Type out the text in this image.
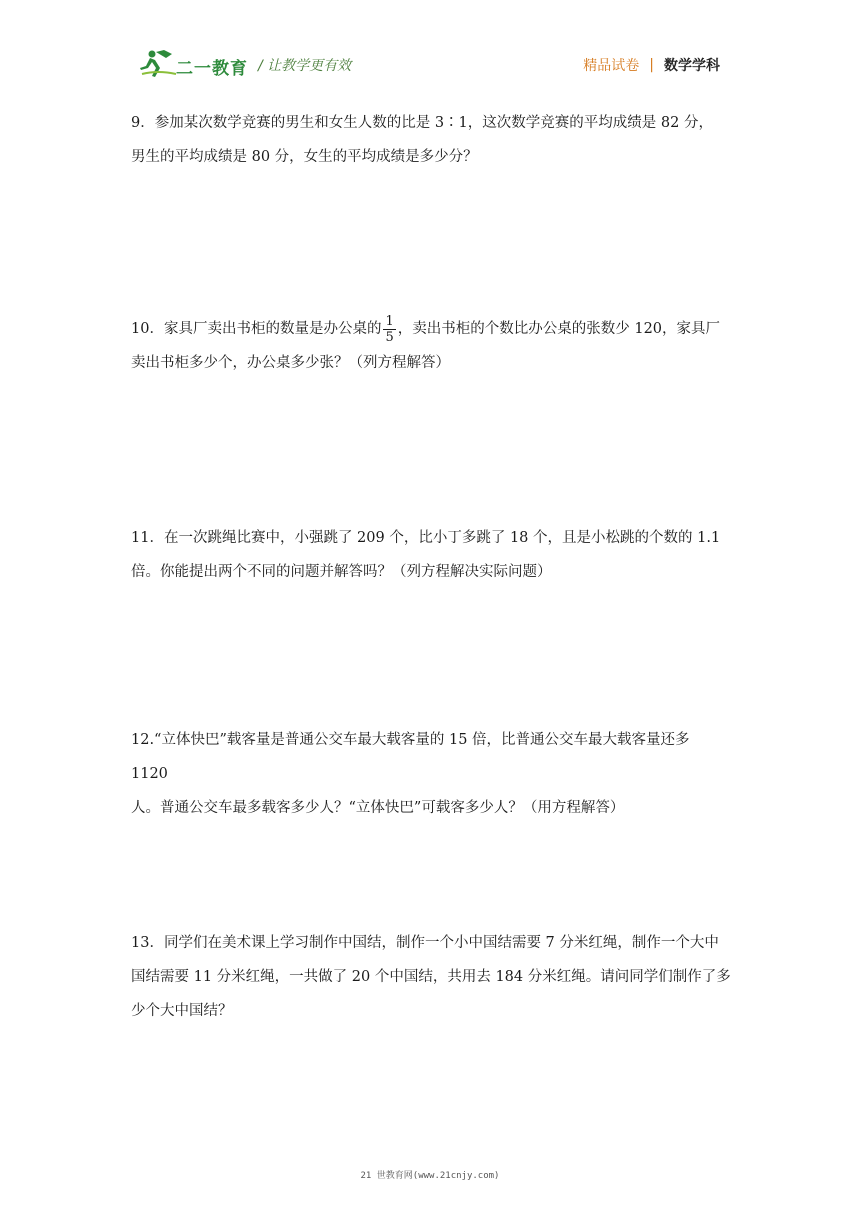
二一教育 / 让教学更有效	精品试卷 | 数学学科
9．参加某次数学竞赛的男生和女生人数的比是 3∶1，这次数学竞赛的平均成绩是 82 分，
男生的平均成绩是 80 分，女生的平均成绩是多少分？
10．家具厂卖出书柜的数量是办公桌的 $\frac{1}{5}$ ，卖出书柜的个数比办公桌的张数少 120，家具厂
卖出书柜多少个，办公桌多少张？（列方程解答）
11．在一次跳绳比赛中，小强跳了 209 个，比小丁多跳了 18 个，且是小松跳的个数的 1.1
倍。你能提出两个不同的问题并解答吗？（列方程解决实际问题）
12.“立体快巴”载客量是普通公交车最大载客量的 15 倍，比普通公交车最大载客量还多 1120
人。普通公交车最多载客多少人？“立体快巴”可载客多少人？（用方程解答）
13．同学们在美术课上学习制作中国结，制作一个小中国结需要 7 分米红绳，制作一个大中
国结需要 11 分米红绳，一共做了 20 个中国结，共用去 184 分米红绳。请问同学们制作了多
少个大中国结？
21 世教育网(www.21cnjy.com)
